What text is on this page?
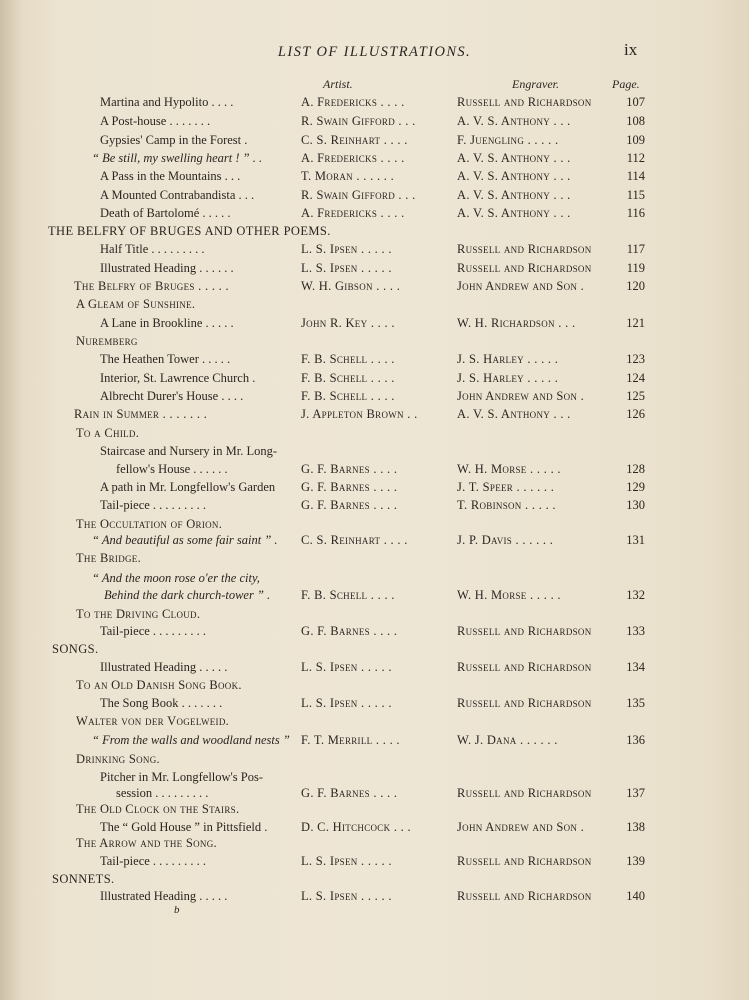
LIST OF ILLUSTRATIONS.	ix
Artist.	Engraver.	Page.
Martina and Hypolito . . . .	A. Fredericks . . . .	Russell and Richardson	107
A Post-house . . . . . . .	R. Swain Gifford . . .	A. V. S. Anthony . . .	108
Gypsies' Camp in the Forest .	C. S. Reinhart . . . .	F. Juengling . . . . .	109
“ Be still, my swelling heart ! ” . .	A. Fredericks . . . .	A. V. S. Anthony . . .	112
A Pass in the Mountains . . .	T. Moran . . . . . .	A. V. S. Anthony . . .	114
A Mounted Contrabandista . . .	R. Swain Gifford . . .	A. V. S. Anthony . . .	115
Death of Bartolomé . . . . .	A. Fredericks . . . .	A. V. S. Anthony . . .	116
THE BELFRY OF BRUGES AND OTHER POEMS.
Half Title . . . . . . . . .	L. S. Ipsen . . . . .	Russell and Richardson	117
Illustrated Heading . . . . . .	L. S. Ipsen . . . . .	Russell and Richardson	119
The Belfry of Bruges . . . . .	W. H. Gibson . . . .	John Andrew and Son .	120
A Gleam of Sunshine.
A Lane in Brookline . . . . .	John R. Key . . . .	W. H. Richardson . . .	121
Nuremberg
The Heathen Tower . . . . .	F. B. Schell . . . .	J. S. Harley . . . . .	123
Interior, St. Lawrence Church .	F. B. Schell . . . .	J. S. Harley . . . . .	124
Albrecht Durer's House . . . .	F. B. Schell . . . .	John Andrew and Son .	125
Rain in Summer . . . . . . .	J. Appleton Brown . .	A. V. S. Anthony . . .	126
To a Child.
Staircase and Nursery in Mr. Long-
fellow's House . . . . . .	G. F. Barnes . . . .	W. H. Morse . . . . .	128
A path in Mr. Longfellow's Garden	G. F. Barnes . . . .	J. T. Speer . . . . . .	129
Tail-piece . . . . . . . . .	G. F. Barnes . . . .	T. Robinson . . . . .	130
The Occultation of Orion.
“ And beautiful as some fair saint ” .	C. S. Reinhart . . . .	J. P. Davis . . . . . .	131
The Bridge.
“ And the moon rose o'er the city,
Behind the dark church-tower ” .	F. B. Schell . . . .	W. H. Morse . . . . .	132
To the Driving Cloud.
Tail-piece . . . . . . . . .	G. F. Barnes . . . .	Russell and Richardson	133
SONGS.
Illustrated Heading . . . . .	L. S. Ipsen . . . . .	Russell and Richardson	134
To an Old Danish Song Book.
The Song Book . . . . . . .	L. S. Ipsen . . . . .	Russell and Richardson	135
Walter von der Vogelweid.
“ From the walls and woodland nests ” F. T. Merrill . . . .	W. J. Dana . . . . . .	136
Drinking Song.
Pitcher in Mr. Longfellow's Pos-
session . . . . . . . . .	G. F. Barnes . . . .	Russell and Richardson	137
The Old Clock on the Stairs.
The “ Gold House ” in Pittsfield .	D. C. Hitchcock . . .	John Andrew and Son .	138
The Arrow and the Song.
Tail-piece . . . . . . . . .	L. S. Ipsen . . . . .	Russell and Richardson	139
SONNETS.
Illustrated Heading . . . . .	L. S. Ipsen . . . . .	Russell and Richardson	140
b
